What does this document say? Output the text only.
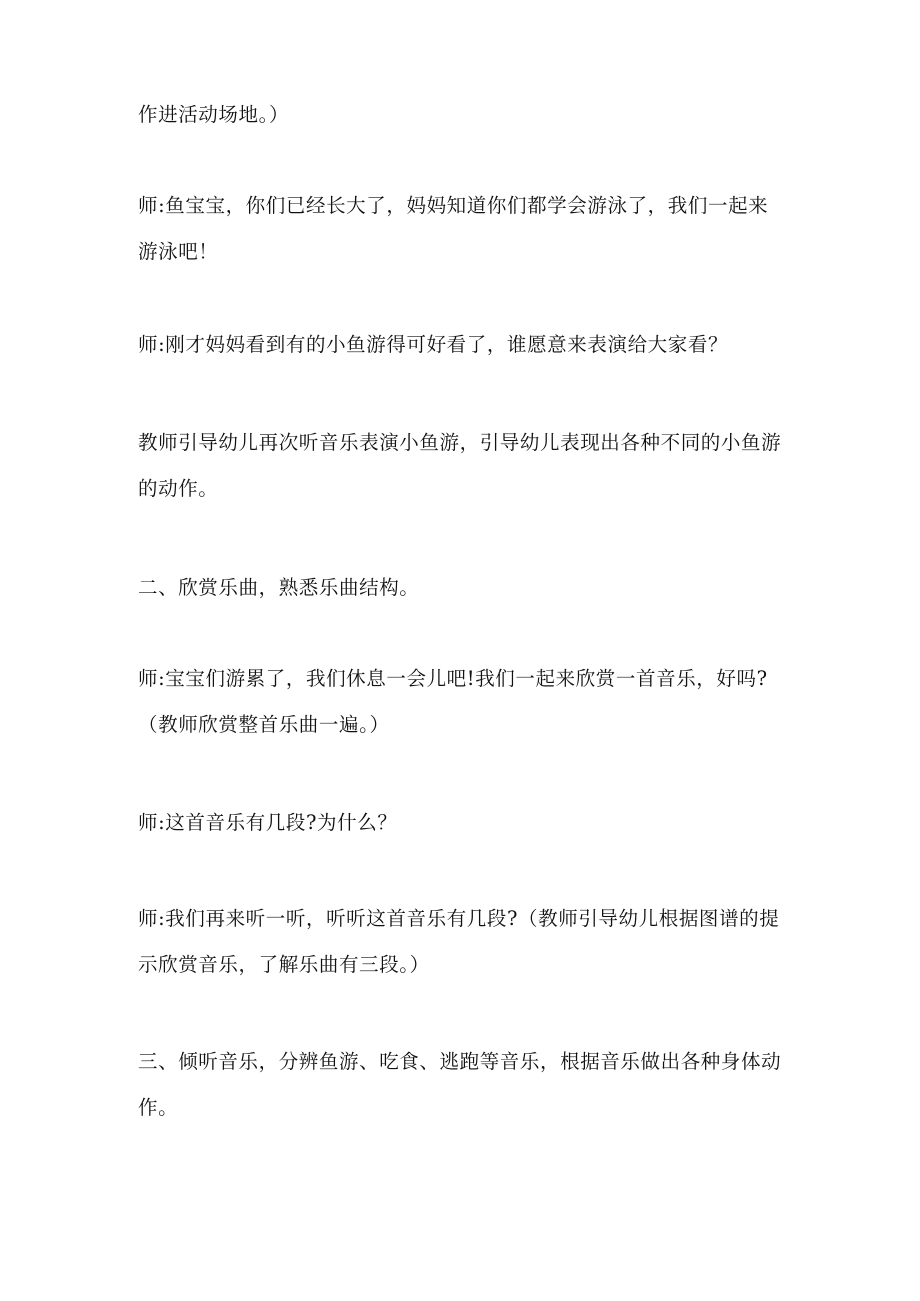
作进活动场地。）

师:鱼宝宝，你们已经长大了，妈妈知道你们都学会游泳了，我们一起来
游泳吧！

师:刚才妈妈看到有的小鱼游得可好看了，谁愿意来表演给大家看？

教师引导幼儿再次听音乐表演小鱼游，引导幼儿表现出各种不同的小鱼游
的动作。

二、欣赏乐曲，熟悉乐曲结构。

师:宝宝们游累了，我们休息一会儿吧!我们一起来欣赏一首音乐，好吗?
（教师欣赏整首乐曲一遍。）

师:这首音乐有几段?为什么？

师:我们再来听一听，听听这首音乐有几段?（教师引导幼儿根据图谱的提
示欣赏音乐，了解乐曲有三段。）

三、倾听音乐，分辨鱼游、吃食、逃跑等音乐，根据音乐做出各种身体动
作。
